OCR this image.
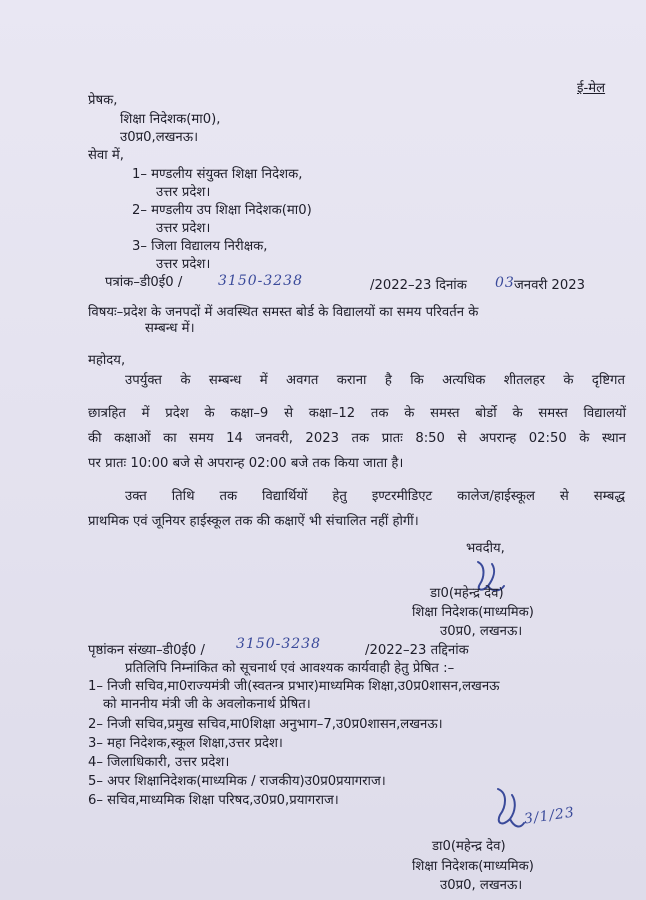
ई-मेल
प्रेषक,
शिक्षा निदेशक(मा0),
उ0प्र0,लखनऊ।
सेवा में,
1– मण्डलीय संयुक्त शिक्षा निदेशक,
उत्तर प्रदेश।
2– मण्डलीय उप शिक्षा निदेशक(मा0)
उत्तर प्रदेश।
3– जिला विद्यालय निरीक्षक,
उत्तर प्रदेश।
पत्रांक–डी0ई0 /	3150-3238	/2022–23 दिनांक 03 जनवरी 2023
विषयः–प्रदेश के जनपदों में अवस्थित समस्त बोर्ड के विद्यालयों का समय परिवर्तन के
सम्बन्ध में।
महोदय,
उपर्युक्त के सम्बन्ध में अवगत कराना है कि अत्यधिक शीतलहर के दृष्टिगत
छात्रहित में प्रदेश के कक्षा–9 से कक्षा–12 तक के समस्त बोर्डो के समस्त विद्यालयों
की कक्षाओं का समय 14 जनवरी, 2023 तक प्रातः 8:50 से अपरान्ह 02:50 के स्थान
पर प्रातः 10:00 बजे से अपरान्ह 02:00 बजे तक किया जाता है।
उक्त तिथि तक विद्यार्थियों हेतु इण्टरमीडिएट कालेज/हाईस्कूल से सम्बद्ध
प्राथमिक एवं जूनियर हाईस्कूल तक की कक्षाऐं भी संचालित नहीं होगीं।
भवदीय,
डा0(महेन्द्र देव)
शिक्षा निदेशक(माध्यमिक)
उ0प्र0, लखनऊ।
पृष्ठांकन संख्या–डी0ई0 / 3150-3238	/2022–23 तद्दिनांक
प्रतिलिपि निम्नांकित को सूचनार्थ एवं आवश्यक कार्यवाही हेतु प्रेषित :–
1– निजी सचिव,मा0राज्यमंत्री जी(स्वतन्त्र प्रभार)माध्यमिक शिक्षा,उ0प्र0शासन,लखनऊ
को माननीय मंत्री जी के अवलोकनार्थ प्रेषित।
2– निजी सचिव,प्रमुख सचिव,मा0शिक्षा अनुभाग–7,उ0प्र0शासन,लखनऊ।
3– महा निदेशक,स्कूल शिक्षा,उत्तर प्रदेश।
4– जिलाधिकारी, उत्तर प्रदेश।
5– अपर शिक्षानिदेशक(माध्यमिक / राजकीय)उ0प्र0प्रयागराज।
6– सचिव,माध्यमिक शिक्षा परिषद,उ0प्र0,प्रयागराज।
3/1/23
डा0(महेन्द्र देव)
शिक्षा निदेशक(माध्यमिक)
उ0प्र0, लखनऊ।
